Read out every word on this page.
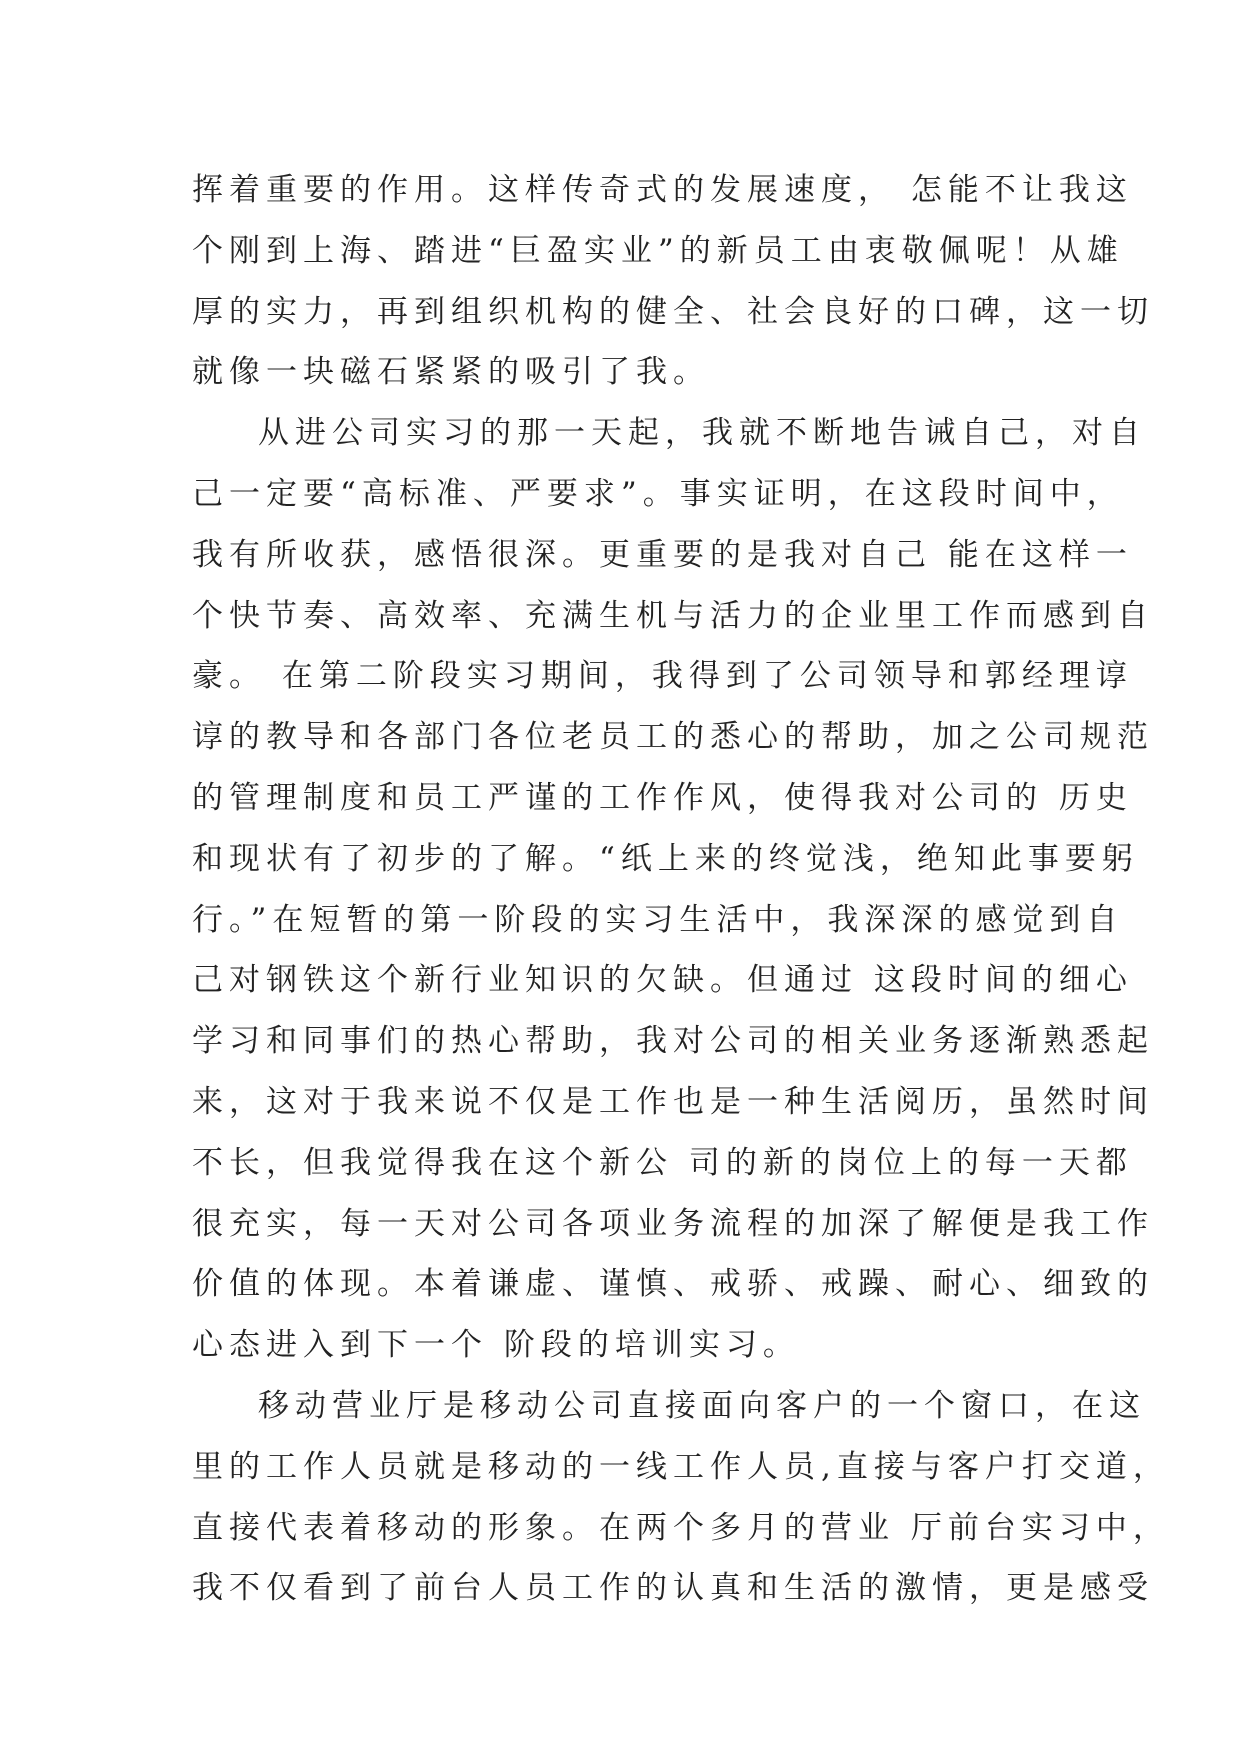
挥着重要的作用。这样传奇式的发展速度， 怎能不让我这
个刚到上海、踏进“巨盈实业”的新员工由衷敬佩呢！从雄
厚的实力，再到组织机构的健全、社会良好的口碑，这一切
就像一块磁石紧紧的吸引了我。
从进公司实习的那一天起，我就不断地告诫自己，对自
己一定要“高标准、严要求”。事实证明，在这段时间中，
我有所收获，感悟很深。更重要的是我对自己 能在这样一
个快节奏、高效率、充满生机与活力的企业里工作而感到自
豪。 在第二阶段实习期间，我得到了公司领导和郭经理谆
谆的教导和各部门各位老员工的悉心的帮助，加之公司规范
的管理制度和员工严谨的工作作风，使得我对公司的 历史
和现状有了初步的了解。“纸上来的终觉浅，绝知此事要躬
行。”在短暂的第一阶段的实习生活中，我深深的感觉到自
己对钢铁这个新行业知识的欠缺。但通过 这段时间的细心
学习和同事们的热心帮助，我对公司的相关业务逐渐熟悉起
来，这对于我来说不仅是工作也是一种生活阅历，虽然时间
不长，但我觉得我在这个新公 司的新的岗位上的每一天都
很充实，每一天对公司各项业务流程的加深了解便是我工作
价值的体现。本着谦虚、谨慎、戒骄、戒躁、耐心、细致的
心态进入到下一个 阶段的培训实习。
移动营业厅是移动公司直接面向客户的一个窗口，在这
里的工作人员就是移动的一线工作人员,直接与客户打交道，
直接代表着移动的形象。在两个多月的营业 厅前台实习中，
我不仅看到了前台人员工作的认真和生活的激情，更是感受
